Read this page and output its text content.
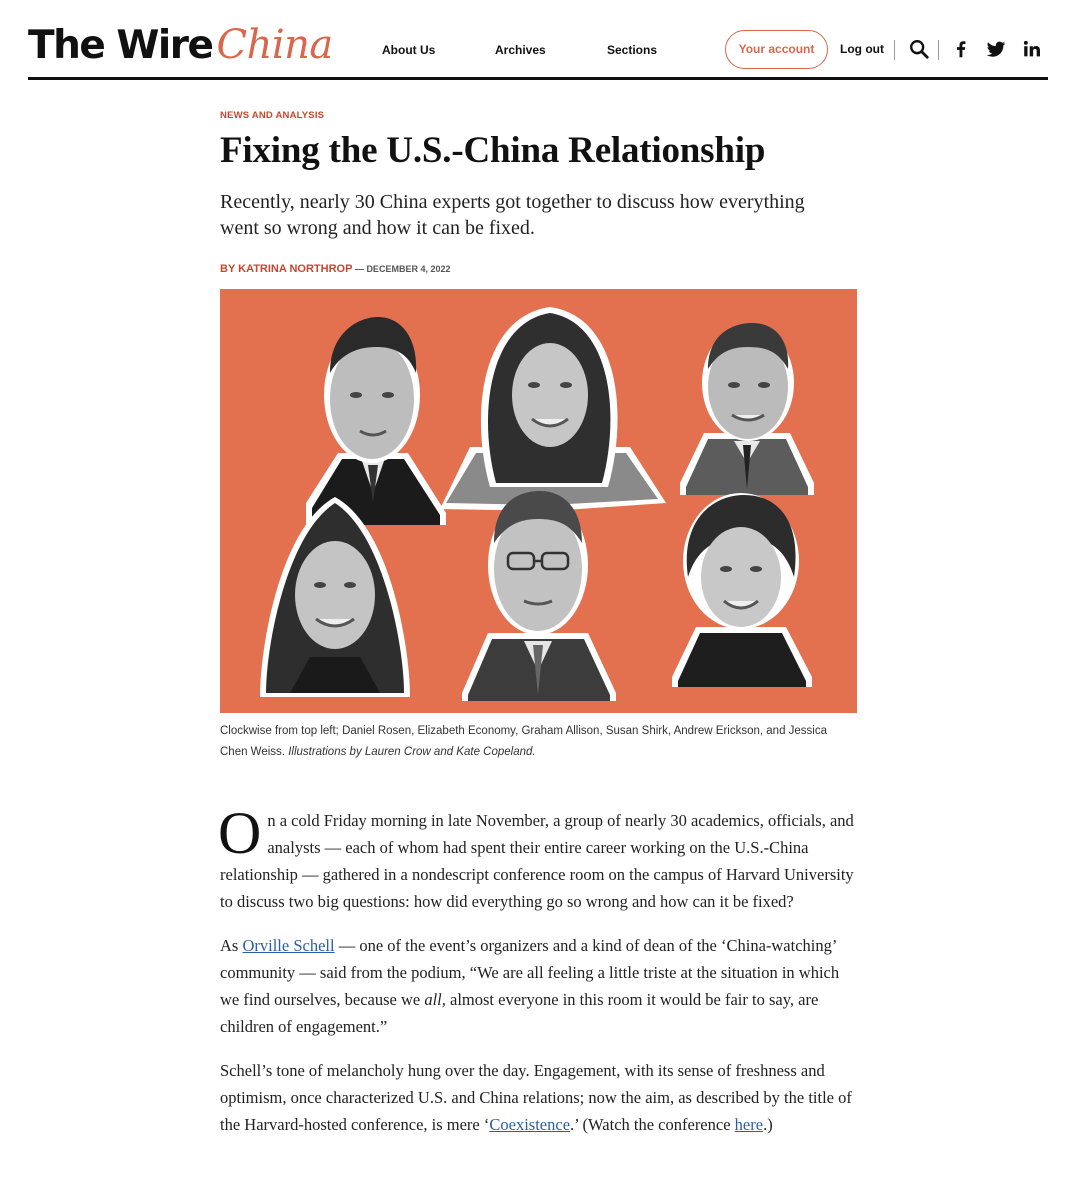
The Wire China	About Us	Archives	Sections	Your account	Log out
NEWS AND ANALYSIS
Fixing the U.S.-China Relationship
Recently, nearly 30 China experts got together to discuss how everything went so wrong and how it can be fixed.
BY KATRINA NORTHROP — DECEMBER 4, 2022
Clockwise from top left; Daniel Rosen, Elizabeth Economy, Graham Allison, Susan Shirk, Andrew Erickson, and Jessica Chen Weiss. Illustrations by Lauren Crow and Kate Copeland.

On a cold Friday morning in late November, a group of nearly 30 academics, officials, and analysts — each of whom had spent their entire career working on the U.S.-China relationship — gathered in a nondescript conference room on the campus of Harvard University to discuss two big questions: how did everything go so wrong and how can it be fixed?

As Orville Schell — one of the event’s organizers and a kind of dean of the ‘China-watching’ community — said from the podium, “We are all feeling a little triste at the situation in which we find ourselves, because we all, almost everyone in this room it would be fair to say, are children of engagement.”

Schell’s tone of melancholy hung over the day. Engagement, with its sense of freshness and optimism, once characterized U.S. and China relations; now the aim, as described by the title of the Harvard-hosted conference, is mere ‘Coexistence.’ (Watch the conference here.)
